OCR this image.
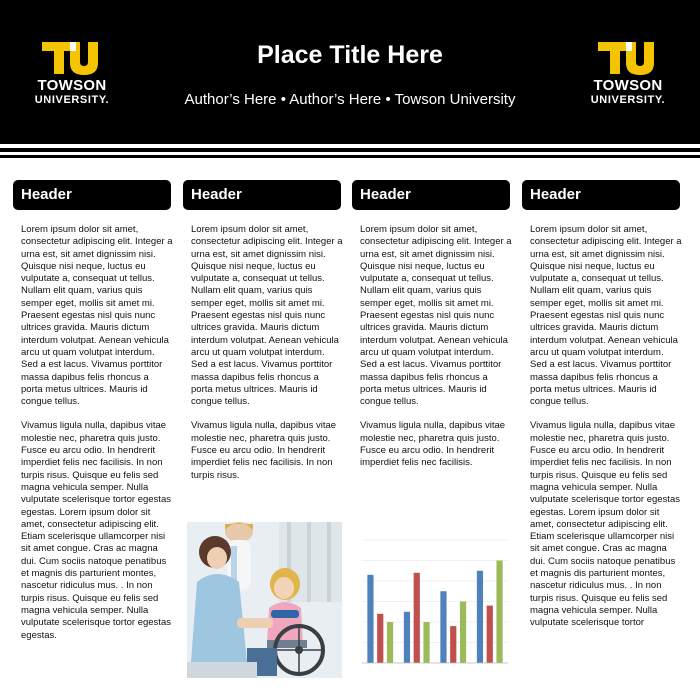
TOWSON
UNIVERSITY.
Place Title Here
Author’s Here • Author’s Here • Towson University
TOWSON
UNIVERSITY.
Header
Lorem ipsum dolor sit amet, consectetur adipiscing elit. Integer a urna est, sit amet dignissim nisi. Quisque nisi neque, luctus eu vulputate a, consequat ut tellus. Nullam elit quam, varius quis semper eget, mollis sit amet mi. Praesent egestas nisl quis nunc ultrices gravida. Mauris dictum interdum volutpat. Aenean vehicula arcu ut quam volutpat interdum. Sed a est lacus. Vivamus porttitor massa dapibus felis rhoncus a porta metus ultrices. Mauris id congue tellus.
Vivamus ligula nulla, dapibus vitae molestie nec, pharetra quis justo. Fusce eu arcu odio. In hendrerit imperdiet felis nec facilisis. In non turpis risus. Quisque eu felis sed magna vehicula semper. Nulla vulputate scelerisque tortor egestas egestas. Lorem ipsum dolor sit amet, consectetur adipiscing elit. Etiam scelerisque ullamcorper nisi sit amet congue. Cras ac magna dui. Cum sociis natoque penatibus et magnis dis parturient montes, nascetur ridiculus mus. . In non turpis risus. Quisque eu felis sed magna vehicula semper. Nulla vulputate scelerisque tortor egestas egestas.
Header
Lorem ipsum dolor sit amet, consectetur adipiscing elit. Integer a urna est, sit amet dignissim nisi. Quisque nisi neque, luctus eu vulputate a, consequat ut tellus. Nullam elit quam, varius quis semper eget, mollis sit amet mi. Praesent egestas nisl quis nunc ultrices gravida. Mauris dictum interdum volutpat. Aenean vehicula arcu ut quam volutpat interdum. Sed a est lacus. Vivamus porttitor massa dapibus felis rhoncus a porta metus ultrices. Mauris id congue tellus.
Vivamus ligula nulla, dapibus vitae molestie nec, pharetra quis justo. Fusce eu arcu odio. In hendrerit imperdiet felis nec facilisis. In non turpis risus.
Header
Lorem ipsum dolor sit amet, consectetur adipiscing elit. Integer a urna est, sit amet dignissim nisi. Quisque nisi neque, luctus eu vulputate a, consequat ut tellus. Nullam elit quam, varius quis semper eget, mollis sit amet mi. Praesent egestas nisl quis nunc ultrices gravida. Mauris dictum interdum volutpat. Aenean vehicula arcu ut quam volutpat interdum. Sed a est lacus. Vivamus porttitor massa dapibus felis rhoncus a porta metus ultrices. Mauris id congue tellus.
Vivamus ligula nulla, dapibus vitae molestie nec, pharetra quis justo. Fusce eu arcu odio. In hendrerit imperdiet felis nec facilisis.
Header
Lorem ipsum dolor sit amet, consectetur adipiscing elit. Integer a urna est, sit amet dignissim nisi. Quisque nisi neque, luctus eu vulputate a, consequat ut tellus. Nullam elit quam, varius quis semper eget, mollis sit amet mi. Praesent egestas nisl quis nunc ultrices gravida. Mauris dictum interdum volutpat. Aenean vehicula arcu ut quam volutpat interdum. Sed a est lacus. Vivamus porttitor massa dapibus felis rhoncus a porta metus ultrices. Mauris id congue tellus.
Vivamus ligula nulla, dapibus vitae molestie nec, pharetra quis justo. Fusce eu arcu odio. In hendrerit imperdiet felis nec facilisis. In non turpis risus. Quisque eu felis sed magna vehicula semper. Nulla vulputate scelerisque tortor egestas egestas. Lorem ipsum dolor sit amet, consectetur adipiscing elit. Etiam scelerisque ullamcorper nisi sit amet congue. Cras ac magna dui. Cum sociis natoque penatibus et magnis dis parturient montes, nascetur ridiculus mus. . In non turpis risus. Quisque eu felis sed magna vehicula semper. Nulla vulputate scelerisque tortor
